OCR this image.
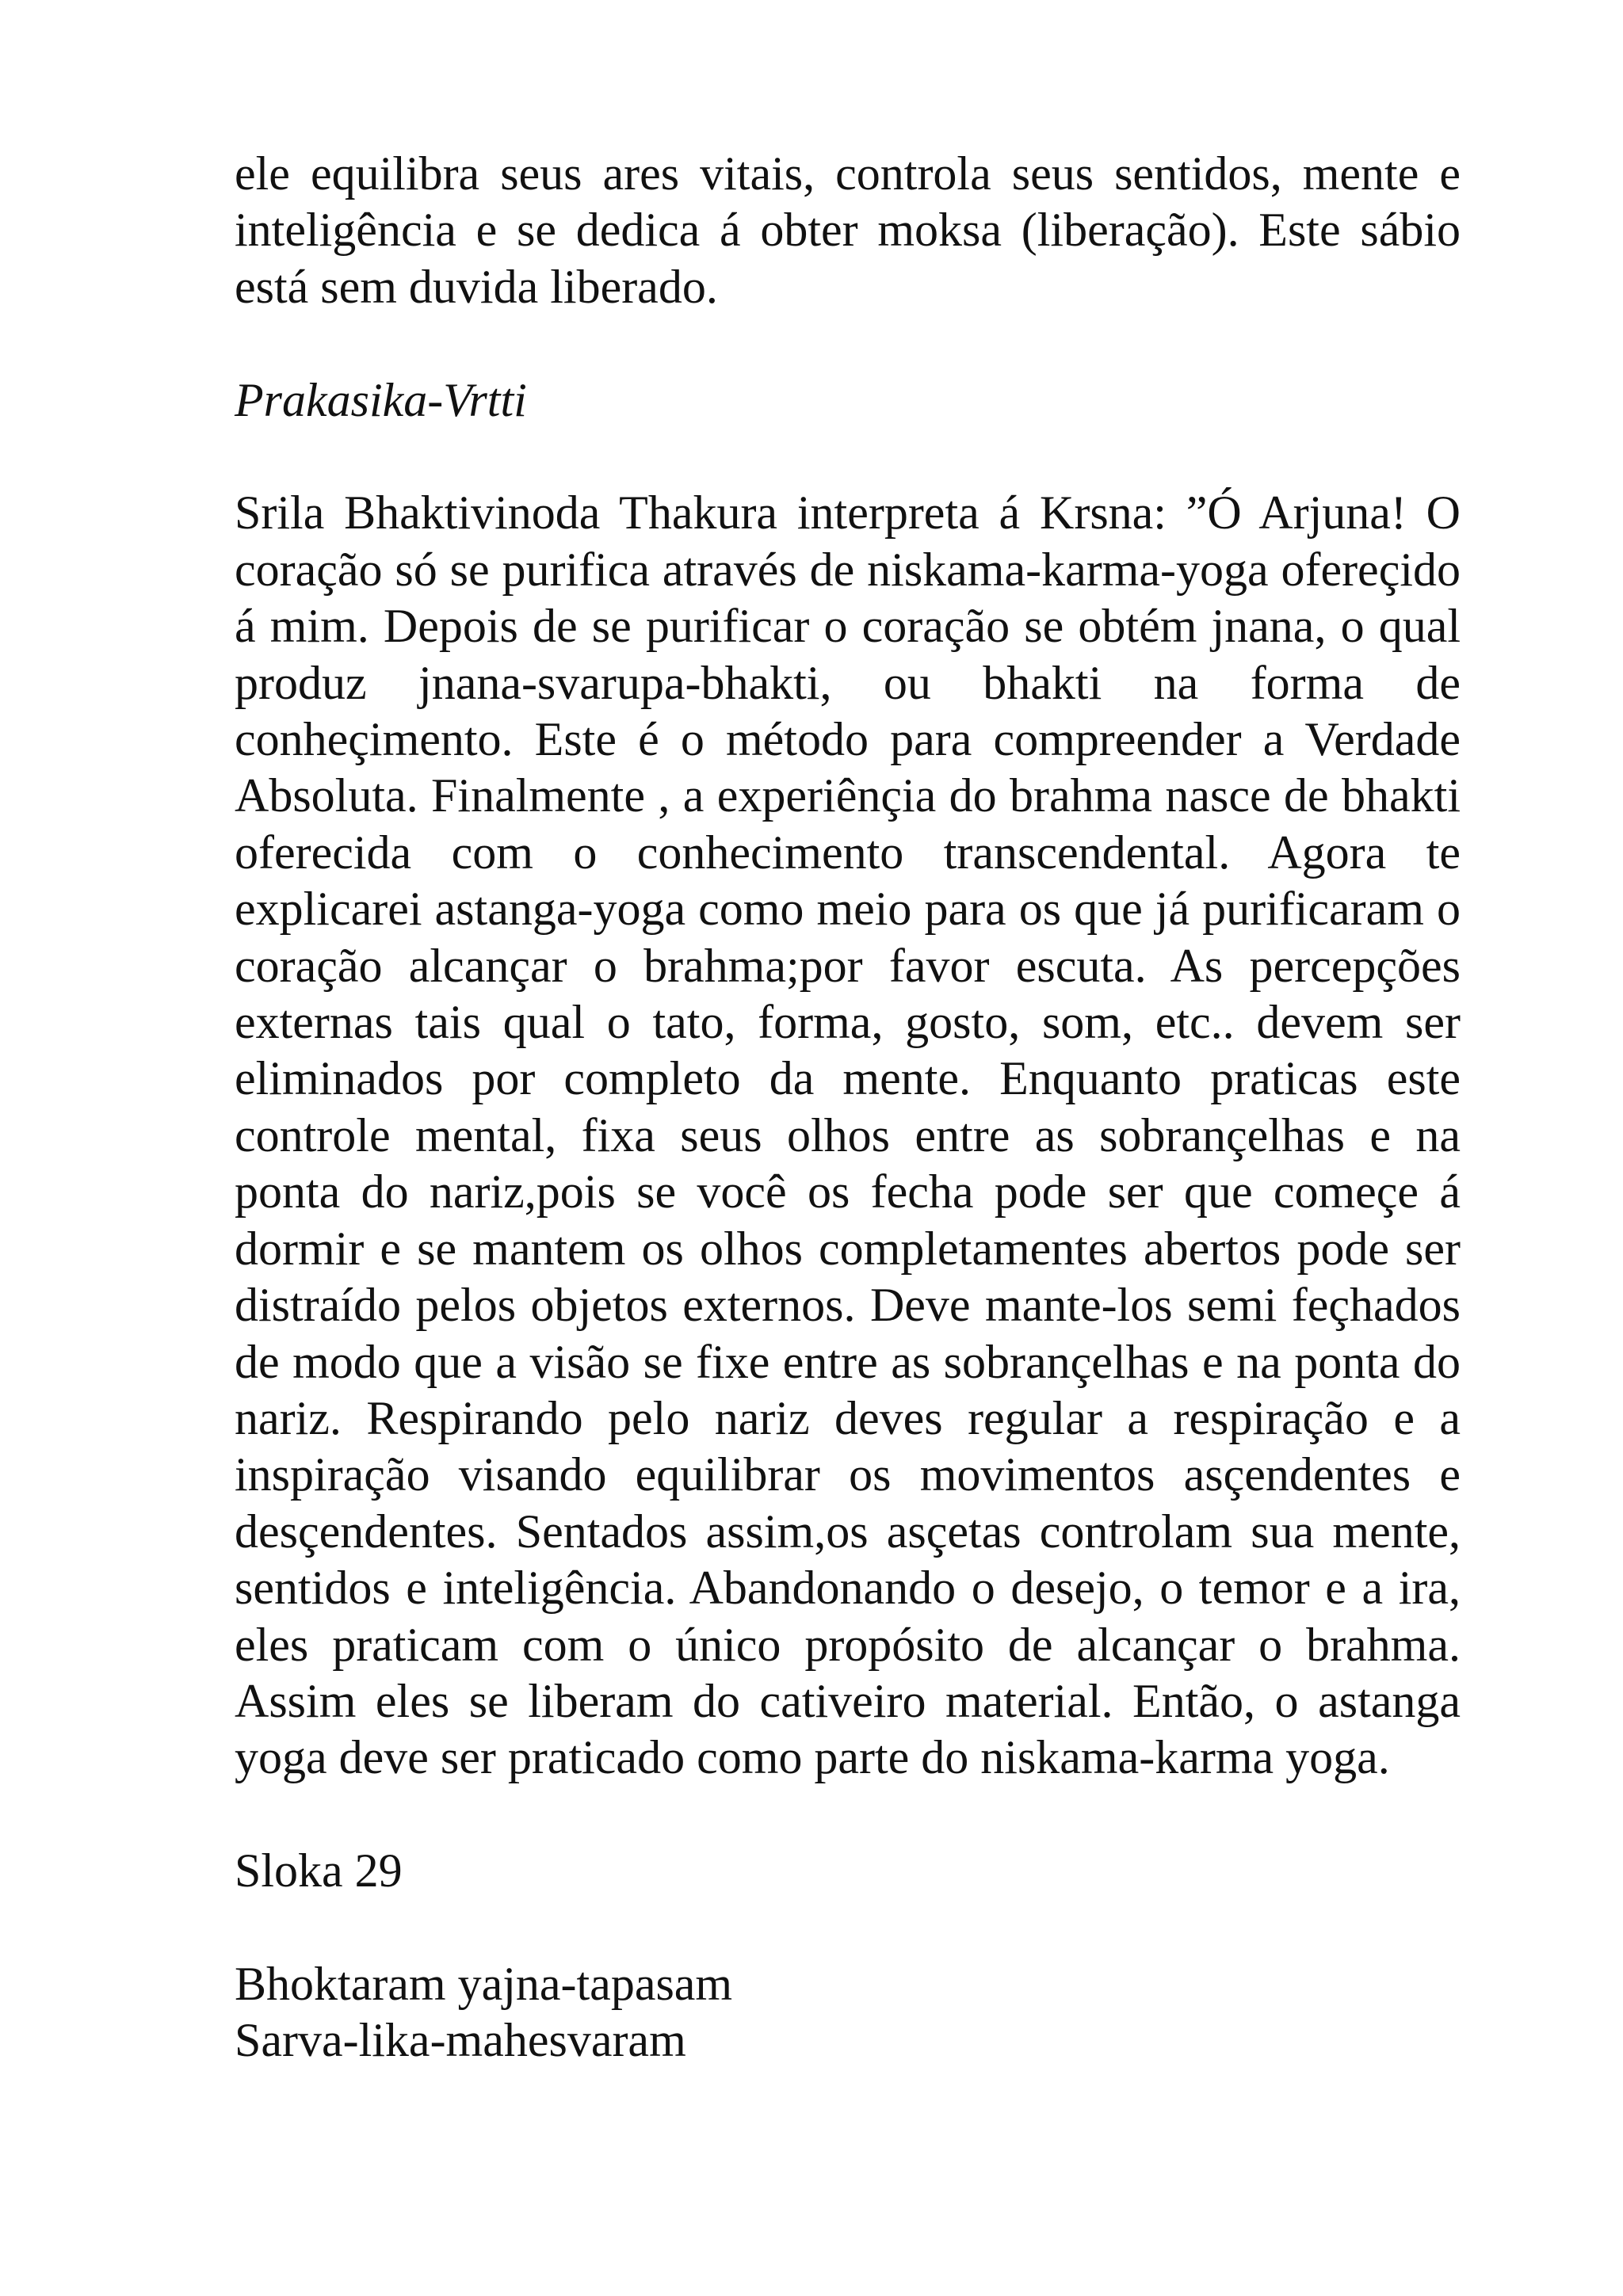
ele equilibra seus ares vitais, controla seus sentidos, mente e inteligência e se dedica á obter moksa (liberação). Este sábio está sem duvida liberado.

Prakasika-Vrtti

Srila Bhaktivinoda Thakura interpreta á Krsna: ”Ó Arjuna! O coração só se purifica através de niskama-karma-yoga ofereçido á mim. Depois de se purificar o coração se obtém jnana, o qual produz jnana-svarupa-bhakti, ou bhakti na forma de conheçimento. Este é o método para compreender a Verdade Absoluta. Finalmente , a experiênçia do brahma nasce de bhakti oferecida com o conhecimento transcendental. Agora te explicarei astanga-yoga como meio para os que já purificaram o coração alcançar o brahma;por favor escuta. As percepções externas tais qual o tato, forma, gosto, som, etc.. devem ser eliminados por completo da mente. Enquanto praticas este controle mental, fixa seus olhos entre as sobrançelhas e na ponta do nariz,pois se você os fecha pode ser que começe á dormir e se mantem os olhos completamentes abertos pode ser distraído pelos objetos externos. Deve mante-los semi feçhados de modo que a visão se fixe entre as sobrançelhas e na ponta do nariz. Respirando pelo nariz deves regular a respiração e a inspiração visando equilibrar os movimentos asçendentes e desçendentes. Sentados assim,os asçetas controlam sua mente, sentidos e inteligência. Abandonando o desejo, o temor e a ira, eles praticam com o único propósito de alcançar o brahma. Assim eles se liberam do cativeiro material. Então, o astanga yoga deve ser praticado como parte do niskama-karma yoga.

Sloka 29

Bhoktaram yajna-tapasam
Sarva-lika-mahesvaram
